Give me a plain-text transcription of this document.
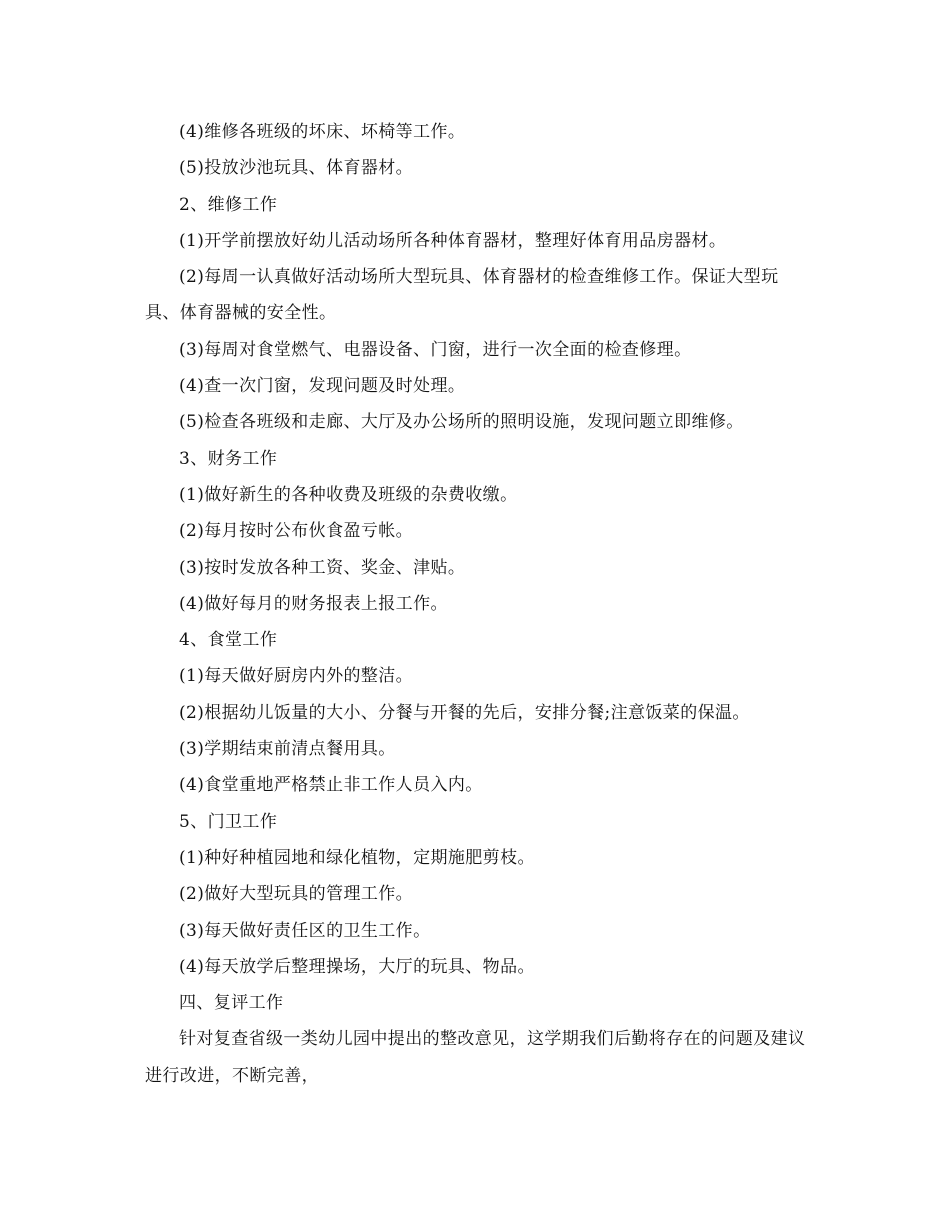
(4)维修各班级的坏床、坏椅等工作。

(5)投放沙池玩具、体育器材。

2、维修工作

(1)开学前摆放好幼儿活动场所各种体育器材，整理好体育用品房器材。

(2)每周一认真做好活动场所大型玩具、体育器材的检查维修工作。保证大型玩具、体育器械的安全性。

(3)每周对食堂燃气、电器设备、门窗，进行一次全面的检查修理。

(4)查一次门窗，发现问题及时处理。

(5)检查各班级和走廊、大厅及办公场所的照明设施，发现问题立即维修。

3、财务工作

(1)做好新生的各种收费及班级的杂费收缴。

(2)每月按时公布伙食盈亏帐。

(3)按时发放各种工资、奖金、津贴。

(4)做好每月的财务报表上报工作。

4、食堂工作

(1)每天做好厨房内外的整洁。

(2)根据幼儿饭量的大小、分餐与开餐的先后，安排分餐;注意饭菜的保温。

(3)学期结束前清点餐用具。

(4)食堂重地严格禁止非工作人员入内。

5、门卫工作

(1)种好种植园地和绿化植物，定期施肥剪枝。

(2)做好大型玩具的管理工作。

(3)每天做好责任区的卫生工作。

(4)每天放学后整理操场，大厅的玩具、物品。

四、复评工作

针对复查省级一类幼儿园中提出的整改意见，这学期我们后勤将存在的问题及建议进行改进，不断完善，
